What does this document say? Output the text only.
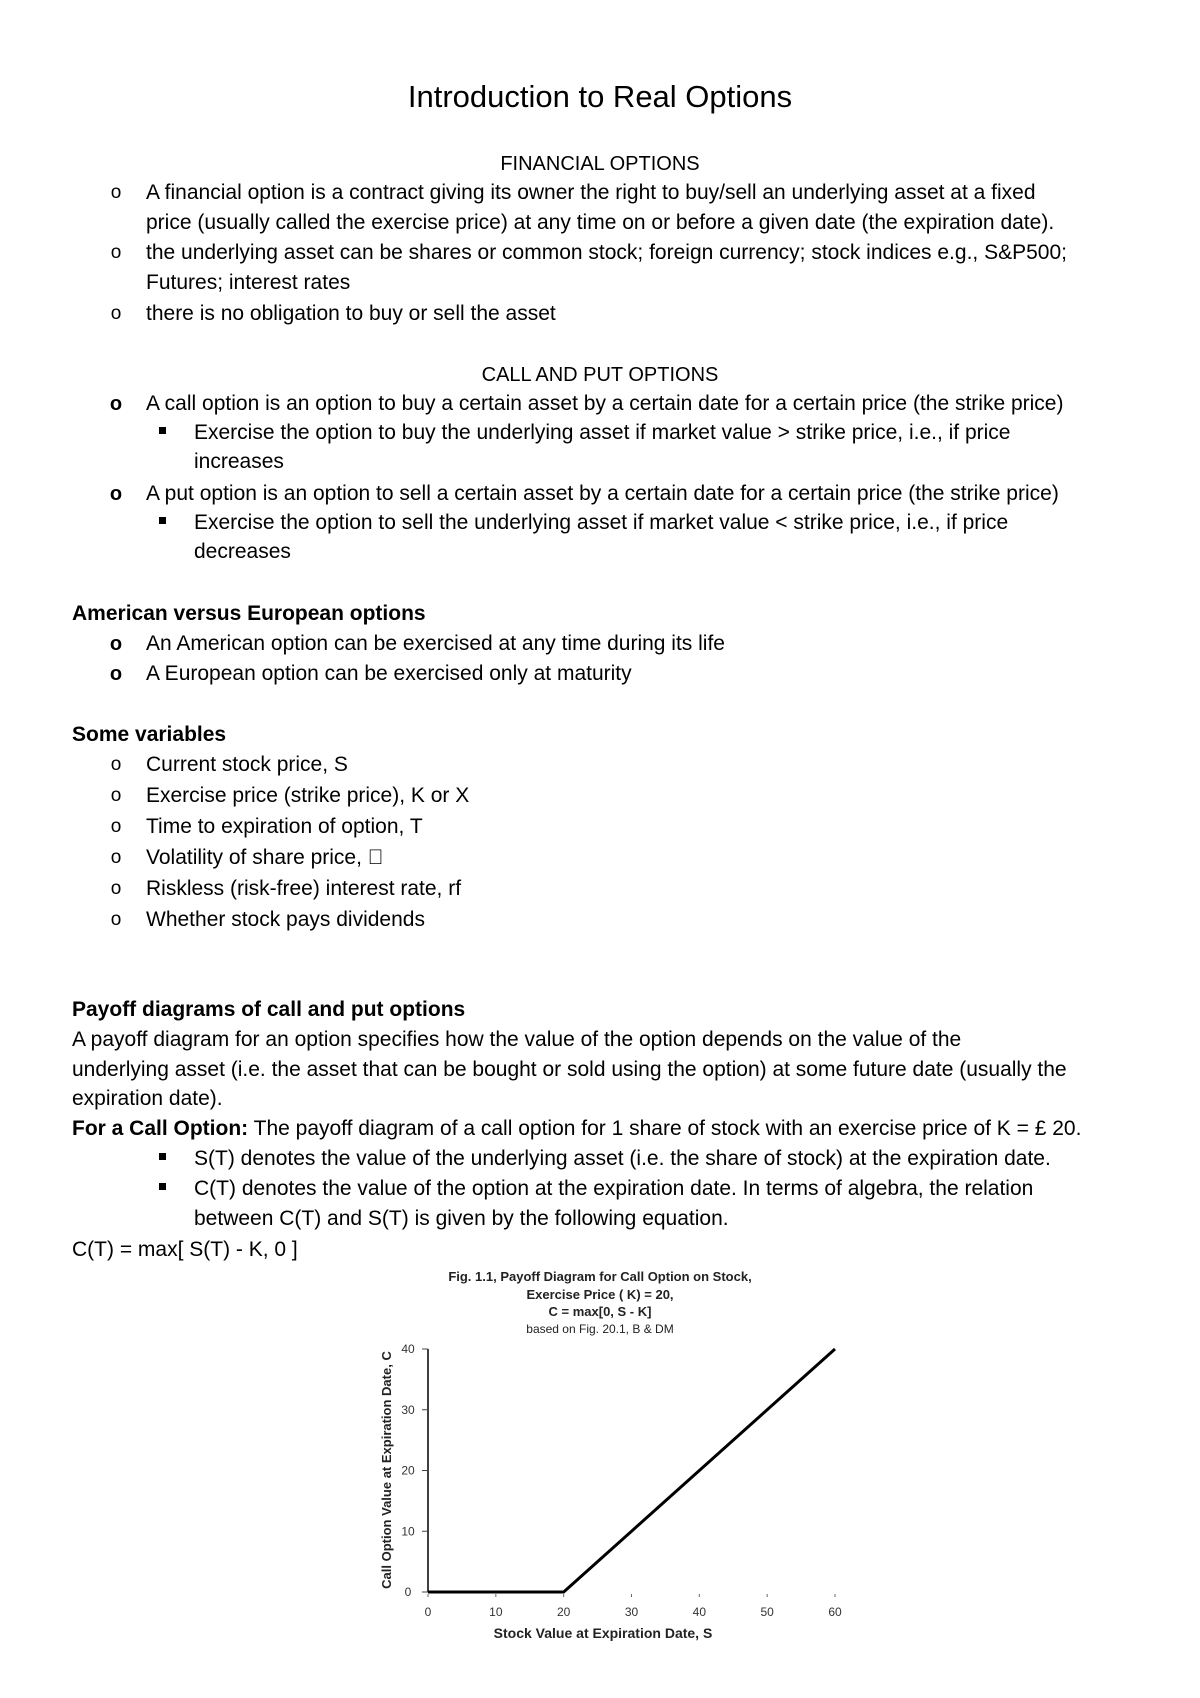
Introduction to Real Options
FINANCIAL OPTIONS
o A financial option is a contract giving its owner the right to buy/sell an underlying asset at a fixed
price (usually called the exercise price) at any time on or before a given date (the expiration date).
o the underlying asset can be shares or common stock; foreign currency; stock indices e.g., S&P500;
Futures; interest rates
o there is no obligation to buy or sell the asset
CALL AND PUT OPTIONS
o A call option is an option to buy a certain asset by a certain date for a certain price (the strike price)
Exercise the option to buy the underlying asset if market value > strike price, i.e., if price
increases
o A put option is an option to sell a certain asset by a certain date for a certain price (the strike price)
Exercise the option to sell the underlying asset if market value < strike price, i.e., if price
decreases
American versus European options
o An American option can be exercised at any time during its life
o A European option can be exercised only at maturity
Some variables
o Current stock price, S
o Exercise price (strike price), K or X
o Time to expiration of option, T
o Volatility of share price,
o Riskless (risk-free) interest rate, rf
o Whether stock pays dividends
Payoff diagrams of call and put options
A payoff diagram for an option specifies how the value of the option depends on the value of the
underlying asset (i.e. the asset that can be bought or sold using the option) at some future date (usually the
expiration date).
For a Call Option: The payoff diagram of a call option for 1 share of stock with an exercise price of K = £ 20.
S(T) denotes the value of the underlying asset (i.e. the share of stock) at the expiration date.
C(T) denotes the value of the option at the expiration date. In terms of algebra, the relation
between C(T) and S(T) is given by the following equation.
C(T) = max[ S(T) - K, 0 ]
Fig. 1.1, Payoff Diagram for Call Option on Stock,
Exercise Price ( K) = 20,
C = max[0, S - K]
based on Fig. 20.1, B & DM
0
10
20
30
40
0	10	20	30	40	50	60
Stock Value at Expiration Date, S
Call Option Value at Expiration Date, C
